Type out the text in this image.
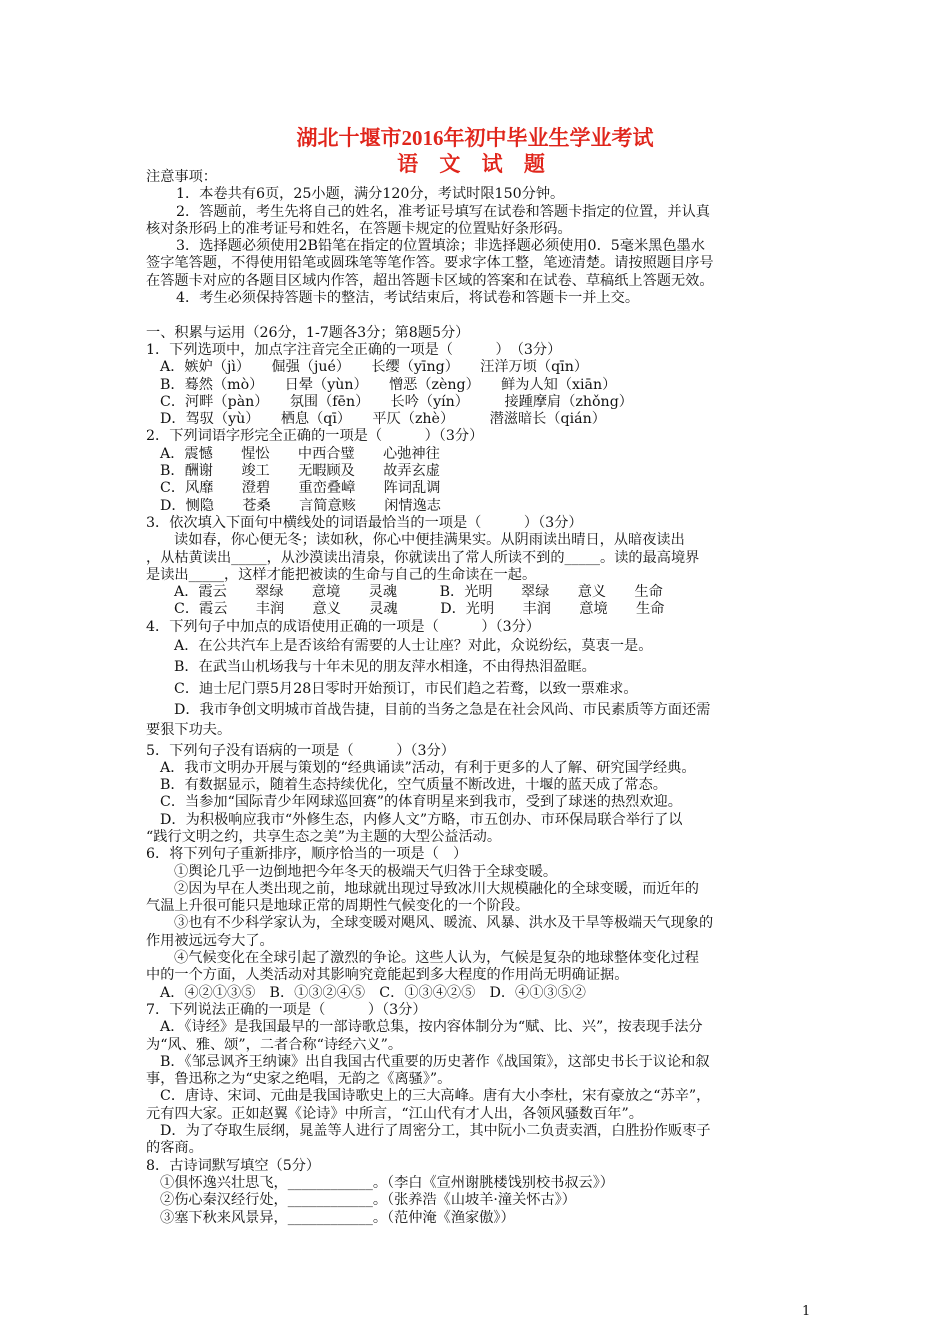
湖北十堰市2016年初中毕业生学业考试
语 文 试 题
注意事项：
1．本卷共有6页，25小题，满分120分，考试时限150分钟。
2．答题前，考生先将自己的姓名，准考证号填写在试卷和答题卡指定的位置，并认真
核对条形码上的准考证号和姓名，在答题卡规定的位置贴好条形码。
3．选择题必须使用2B铅笔在指定的位置填涂；非选择题必须使用0．5毫米黑色墨水
签字笔答题，不得使用铅笔或圆珠笔等笔作答。要求字体工整，笔迹清楚。请按照题目序号
在答题卡对应的各题目区域内作答，超出答题卡区域的答案和在试卷、草稿纸上答题无效。
4．考生必须保持答题卡的整洁，考试结束后，将试卷和答题卡一并上交。
一、积累与运用（26分，1-7题各3分；第8题5分）
1．下列选项中，加点字注音完全正确的一项是（　　　）　（3分）
A．嫉妒（jì）　　倔强（jué）　　长缨（yīng）　　汪洋万顷（qīn）
B．蓦然（mò）　　日晕（yùn）　　憎恶（zèng）　　鲜为人知（xiān）
C．河畔（pàn）　　氛围（fēn）　　长吟（yín）　　　接踵摩肩（zhǒng）
D．驾驭（yù）　　栖息（qī）　　平仄（zhè）　　　潜滋暗长（qián）
2．下列词语字形完全正确的一项是（　　　）（3分）
A．震憾　　惺忪　　中西合璧　　心弛神往
B．酬谢　　竣工　　无暇顾及　　故弄玄虚
C．风靡　　澄碧　　重峦叠嶂　　阵词乱调
D．恻隐　　苍桑　　言简意赅　　闲情逸志
3．依次填入下面句中横线处的词语最恰当的一项是（　　　）（3分）
读如春，你心便无冬；读如秋，你心中便挂满果实。从阴雨读出晴日，从暗夜读出
，从枯黄读出_____，从沙漠读出清泉，你就读出了常人所读不到的_____。读的最高境界
是读出_____，这样才能把被读的生命与自己的生命读在一起。
A．霞云　　翠绿　　意境　　灵魂　　　B．光明　　翠绿　　意义　　生命
C．霞云　　丰润　　意义　　灵魂　　　D．光明　　丰润　　意境　　生命
4．下列句子中加点的成语使用正确的一项是（　　　）（3分）
A．在公共汽车上是否该给有需要的人士让座？对此，众说纷纭，莫衷一是。
B．在武当山机场我与十年未见的朋友萍水相逢，不由得热泪盈眶。
C．迪士尼门票5月28日零时开始预订，市民们趋之若鹜，以致一票难求。
D．我市争创文明城市首战告捷，目前的当务之急是在社会风尚、市民素质等方面还需
要狠下功夫。
5．下列句子没有语病的一项是（　　　）（3分）
A．我市文明办开展与策划的“经典诵读”活动，有利于更多的人了解、研究国学经典。
B．有数据显示，随着生态持续优化，空气质量不断改进，十堰的蓝天成了常态。
C．当参加“国际青少年网球巡回赛”的体育明星来到我市，受到了球迷的热烈欢迎。
D．为积极响应我市“外修生态，内修人文”方略，市五创办、市环保局联合举行了以
“践行文明之约，共享生态之美”为主题的大型公益活动。
6．将下列句子重新排序，顺序恰当的一项是（　）
①舆论几乎一边倒地把今年冬天的极端天气归咎于全球变暖。
②因为早在人类出现之前，地球就出现过导致冰川大规模融化的全球变暖，而近年的
气温上升很可能只是地球正常的周期性气候变化的一个阶段。
③也有不少科学家认为，全球变暖对飓风、暖流、风暴、洪水及干旱等极端天气现象的
作用被远远夸大了。
④气候变化在全球引起了激烈的争论。这些人认为，气候是复杂的地球整体变化过程
中的一个方面，人类活动对其影响究竟能起到多大程度的作用尚无明确证据。
A．④②①③⑤　B．①③②④⑤　C．①③④②⑤　D．④①③⑤②
7．下列说法正确的一项是（　　　）（3分）
A．《诗经》是我国最早的一部诗歌总集，按内容体制分为“赋、比、兴”，按表现手法分
为“风、雅、颂”，二者合称“诗经六义”。
B．《邹忌讽齐王纳谏》出自我国古代重要的历史著作《战国策》，这部史书长于议论和叙
事，鲁迅称之为“史家之绝唱，无韵之《离骚》”。
C．唐诗、宋词、元曲是我国诗歌史上的三大高峰。唐有大小李杜，宋有豪放之“苏辛”，
元有四大家。正如赵翼《论诗》中所言，“江山代有才人出，各领风骚数百年”。
D．为了夺取生辰纲，晁盖等人进行了周密分工，其中阮小二负责卖酒，白胜扮作贩枣子
的客商。
8．古诗词默写填空（5分）
①俱怀逸兴壮思飞，____________。（李白《宣州谢朓楼饯别校书叔云》）
②伤心秦汉经行处，____________。（张养浩《山坡羊·潼关怀古》）
③塞下秋来风景异，____________。（范仲淹《渔家傲》）
1
